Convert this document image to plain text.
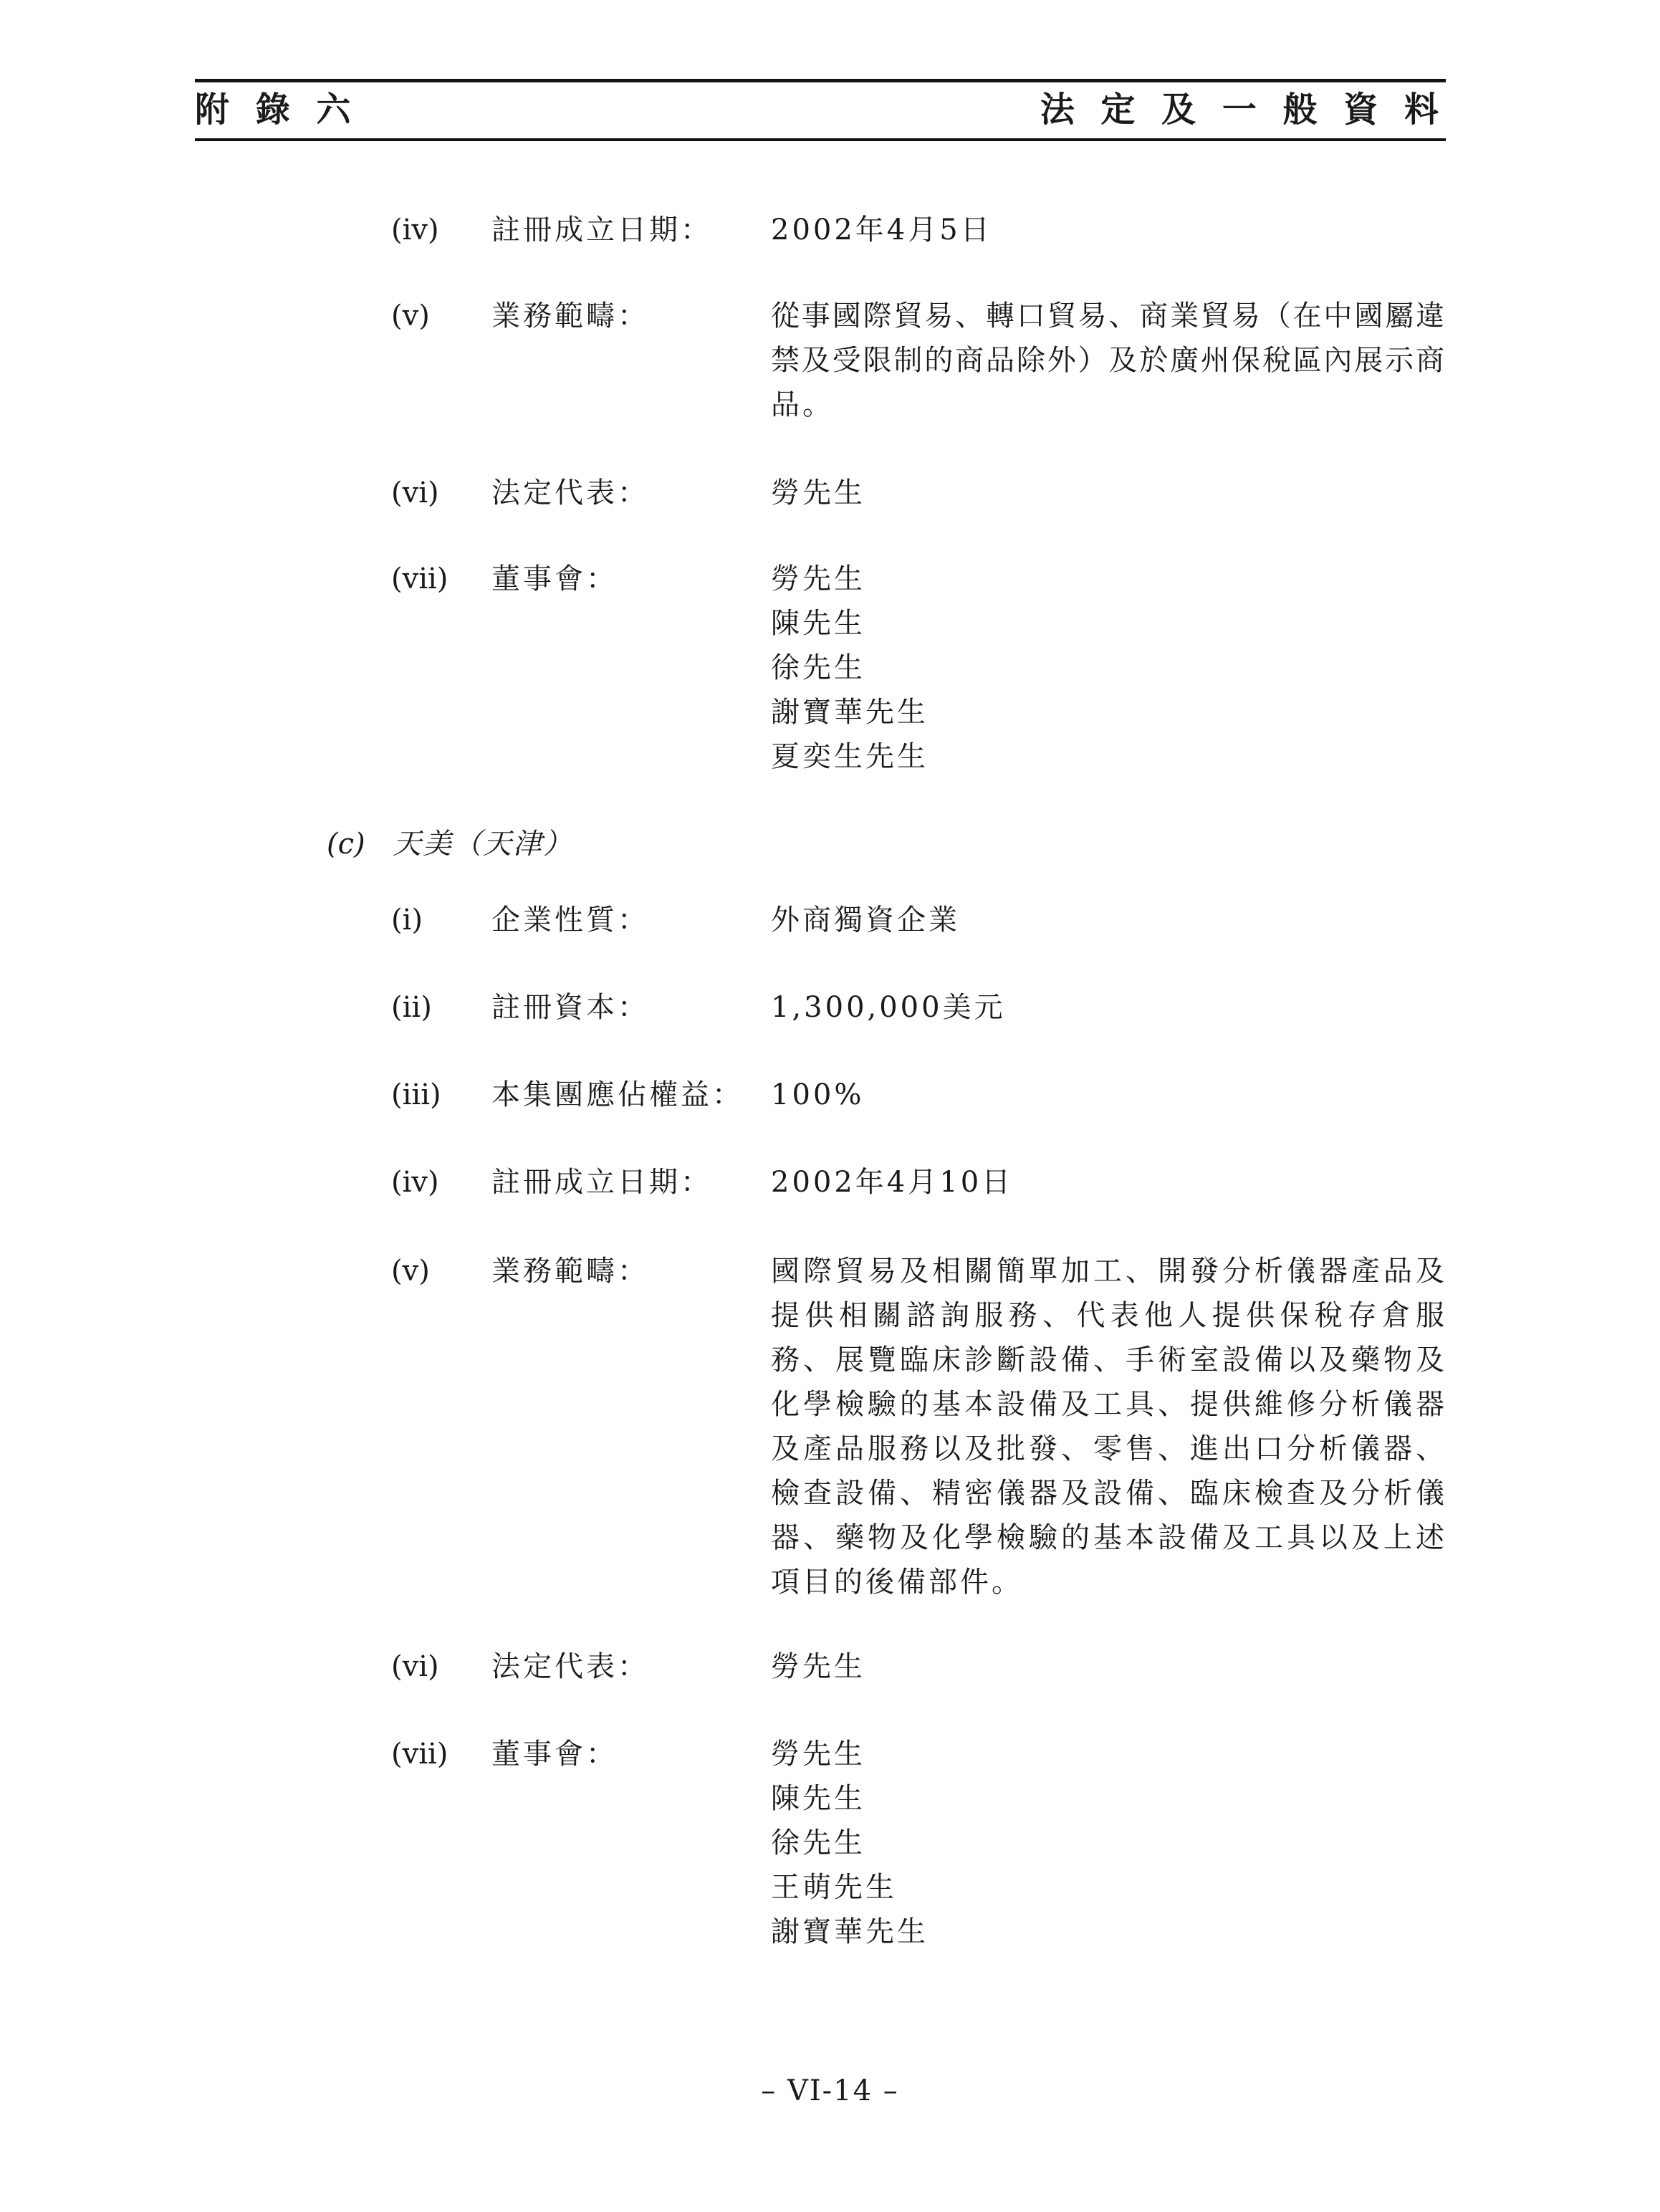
附 錄 六	法 定 及 一 般 資 料
(iv) 註冊成立日期： 2002年4月5日
(v) 業務範疇：	從事國際貿易、轉口貿易、商業貿易（在中國屬違
禁及受限制的商品除外）及於廣州保稅區內展示商
品。
(vi) 法定代表：	勞先生
(vii) 董事會：	勞先生
陳先生
徐先生
謝寶華先生
夏奕生先生
(c) 天美（天津）
(i) 企業性質：	外商獨資企業
(ii) 註冊資本：	1,300,000美元
(iii) 本集團應佔權益： 100%
(iv) 註冊成立日期： 2002年4月10日
(v) 業務範疇：	國際貿易及相關簡單加工、開發分析儀器產品及
提供相關諮詢服務、代表他人提供保稅存倉服
務、展覽臨床診斷設備、手術室設備以及藥物及
化學檢驗的基本設備及工具、提供維修分析儀器
及產品服務以及批發、零售、進出口分析儀器、
檢查設備、精密儀器及設備、臨床檢查及分析儀
器、藥物及化學檢驗的基本設備及工具以及上述
項目的後備部件。
(vi) 法定代表：	勞先生
(vii) 董事會：	勞先生
陳先生
徐先生
王萌先生
謝寶華先生
– VI-14 –
